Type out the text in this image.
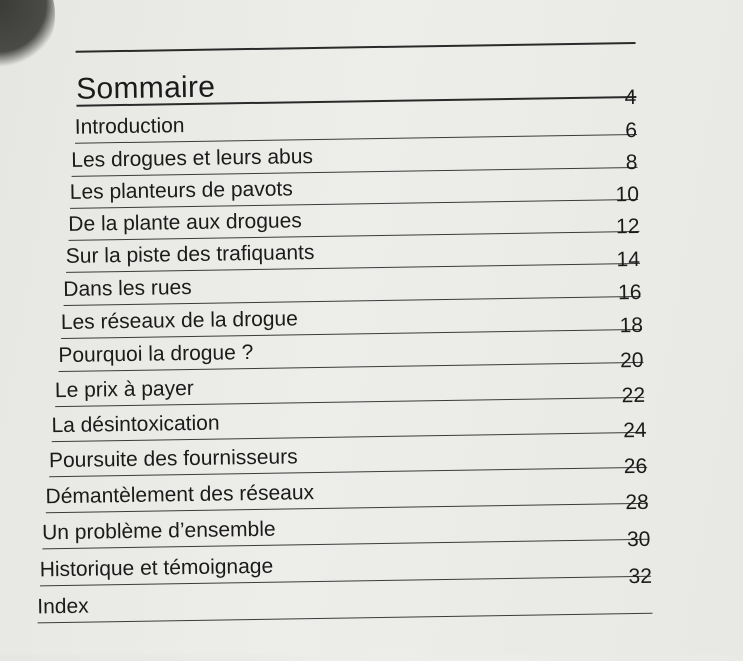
Sommaire
Introduction
4
Les drogues et leurs abus
6
Les planteurs de pavots
8
De la plante aux drogues
10
Sur la piste des trafiquants
12
Dans les rues
14
Les réseaux de la drogue
16
Pourquoi la drogue ?
18
Le prix à payer
20
La désintoxication
22
Poursuite des fournisseurs
24
Démantèlement des réseaux
26
Un problème d’ensemble
28
Historique et témoignage
30
Index
32
